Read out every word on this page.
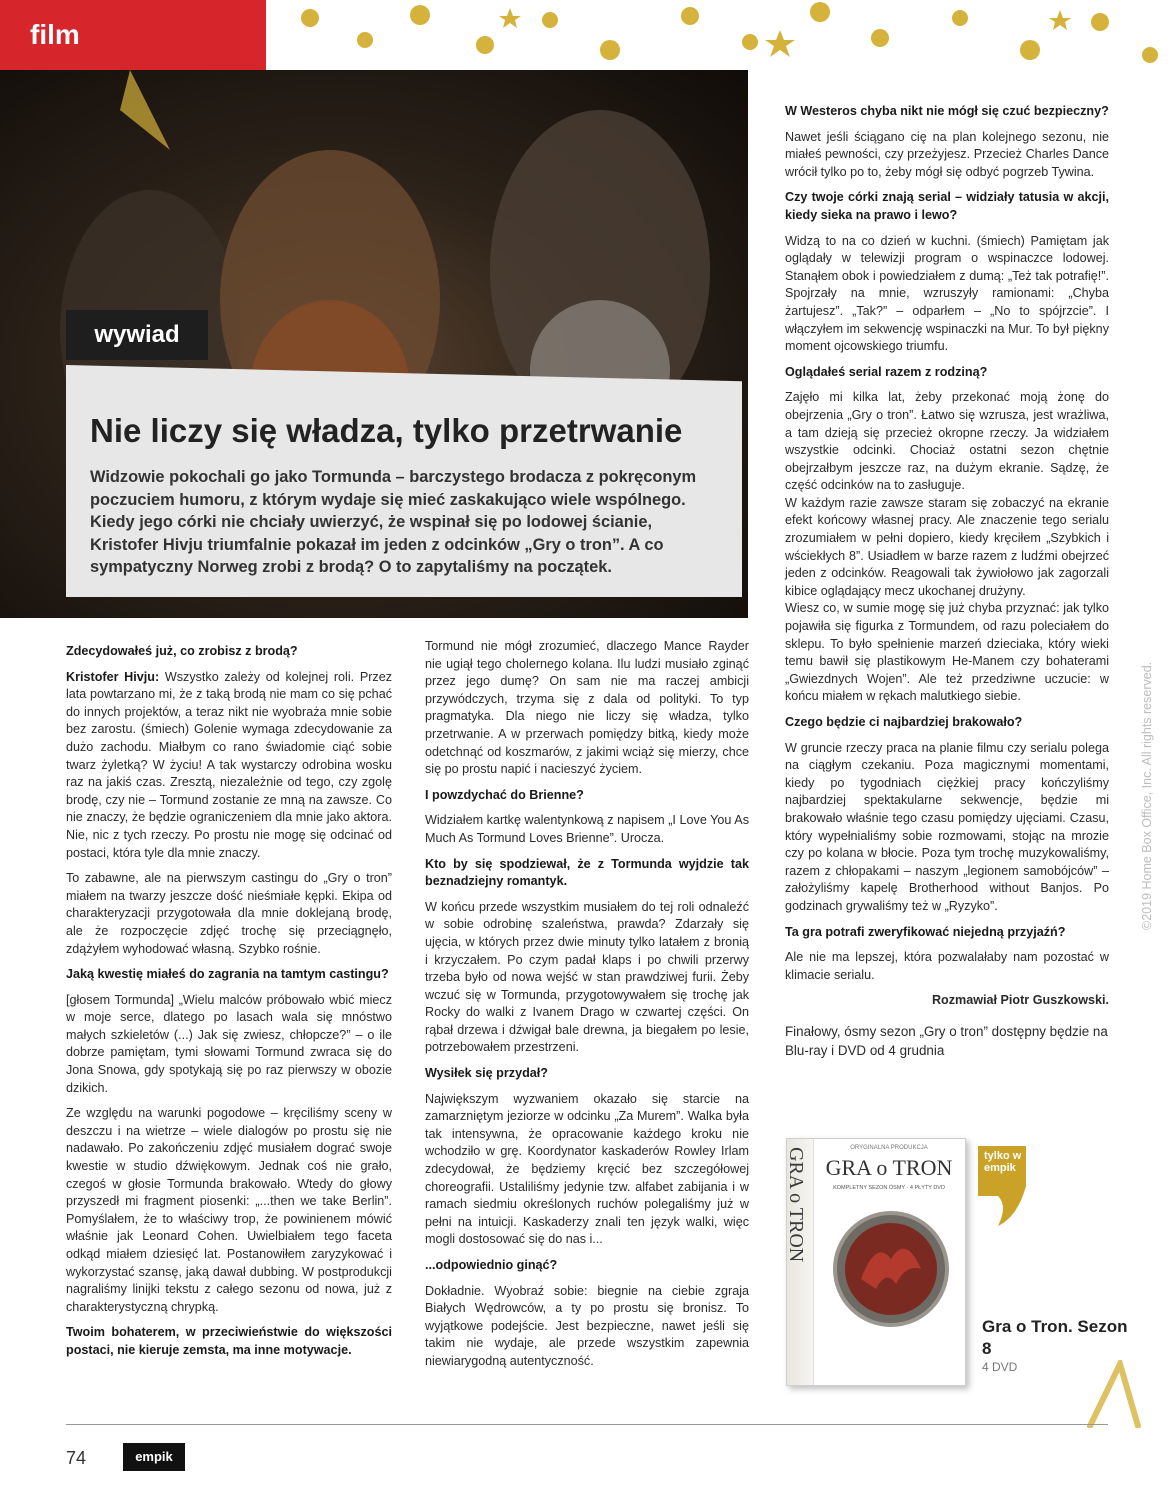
film
wywiad
Nie liczy się władza, tylko przetrwanie

Widzowie pokochali go jako Tormunda – barczystego brodacza z pokręconym poczuciem humoru, z którym wydaje się mieć zaskakująco wiele wspólnego. Kiedy jego córki nie chciały uwierzyć, że wspinał się po lodowej ścianie, Kristofer Hivju triumfalnie pokazał im jeden z odcinków „Gry o tron”. A co sympatyczny Norweg zrobi z brodą? O to zapytaliśmy na początek.

Zdecydowałeś już, co zrobisz z brodą?

Kristofer Hivju: Wszystko zależy od kolejnej roli. Przez lata powtarzano mi, że z taką brodą nie mam co się pchać do innych projektów, a teraz nikt nie wyobraża mnie sobie bez zarostu. (śmiech) Golenie wymaga zdecydowanie za dużo zachodu. Miałbym co rano świadomie ciąć sobie twarz żyletką? W życiu! A tak wystarczy odrobina wosku raz na jakiś czas. Zresztą, niezależnie od tego, czy zgolę brodę, czy nie – Tormund zostanie ze mną na zawsze. Co nie znaczy, że będzie ograniczeniem dla mnie jako aktora. Nie, nic z tych rzeczy. Po prostu nie mogę się odcinać od postaci, która tyle dla mnie znaczy.

To zabawne, ale na pierwszym castingu do „Gry o tron” miałem na twarzy jeszcze dość nieśmiałe kępki. Ekipa od charakteryzacji przygotowała dla mnie doklejaną brodę, ale że rozpoczęcie zdjęć trochę się przeciągnęło, zdążyłem wyhodować własną. Szybko rośnie.

Jaką kwestię miałeś do zagrania na tamtym castingu?

[głosem Tormunda] „Wielu malców próbowało wbić miecz w moje serce, dlatego po lasach wala się mnóstwo małych szkieletów (...) Jak się zwiesz, chłopcze?” – o ile dobrze pamiętam, tymi słowami Tormund zwraca się do Jona Snowa, gdy spotykają się po raz pierwszy w obozie dzikich.

Ze względu na warunki pogodowe – kręciliśmy sceny w deszczu i na wietrze – wiele dialogów po prostu się nie nadawało. Po zakończeniu zdjęć musiałem dograć swoje kwestie w studio dźwiękowym. Jednak coś nie grało, czegoś w głosie Tormunda brakowało. Wtedy do głowy przyszedł mi fragment piosenki: „...then we take Berlin”. Pomyślałem, że to właściwy trop, że powinienem mówić właśnie jak Leonard Cohen. Uwielbiałem tego faceta odkąd miałem dziesięć lat. Postanowiłem zaryzykować i wykorzystać szansę, jaką dawał dubbing. W postprodukcji nagraliśmy linijki tekstu z całego sezonu od nowa, już z charakterystyczną chrypką.

Twoim bohaterem, w przeciwieństwie do większości postaci, nie kieruje zemsta, ma inne motywacje.

Tormund nie mógł zrozumieć, dlaczego Mance Rayder nie ugiął tego cholernego kolana. Ilu ludzi musiało zginąć przez jego dumę? On sam nie ma raczej ambicji przywódczych, trzyma się z dala od polityki. To typ pragmatyka. Dla niego nie liczy się władza, tylko przetrwanie. A w przerwach pomiędzy bitką, kiedy może odetchnąć od koszmarów, z jakimi wciąż się mierzy, chce się po prostu napić i nacieszyć życiem.

I powzdychać do Brienne?

Widziałem kartkę walentynkową z napisem „I Love You As Much As Tormund Loves Brienne”. Urocza.

Kto by się spodziewał, że z Tormunda wyjdzie tak beznadziejny romantyk.

W końcu przede wszystkim musiałem do tej roli odnaleźć w sobie odrobinę szaleństwa, prawda? Zdarzały się ujęcia, w których przez dwie minuty tylko latałem z bronią i krzyczałem. Po czym padał klaps i po chwili przerwy trzeba było od nowa wejść w stan prawdziwej furii. Żeby wczuć się w Tormunda, przygotowywałem się trochę jak Rocky do walki z Ivanem Drago w czwartej części. On rąbał drzewa i dźwigał bale drewna, ja biegałem po lesie, potrzebowałem przestrzeni.

Wysiłek się przydał?

Największym wyzwaniem okazało się starcie na zamarzniętym jeziorze w odcinku „Za Murem”. Walka była tak intensywna, że opracowanie każdego kroku nie wchodziło w grę. Koordynator kaskaderów Rowley Irlam zdecydował, że będziemy kręcić bez szczegółowej choreografii. Ustaliliśmy jedynie tzw. alfabet zabijania i w ramach siedmiu określonych ruchów polegaliśmy już w pełni na intuicji. Kaskaderzy znali ten język walki, więc mogli dostosować się do nas i...

...odpowiednio ginąć?

Dokładnie. Wyobraź sobie: biegnie na ciebie zgraja Białych Wędrowców, a ty po prostu się bronisz. To wyjątkowe podejście. Jest bezpieczne, nawet jeśli się takim nie wydaje, ale przede wszystkim zapewnia niewiarygodną autentyczność.

W Westeros chyba nikt nie mógł się czuć bezpieczny?

Nawet jeśli ściągano cię na plan kolejnego sezonu, nie miałeś pewności, czy przeżyjesz. Przecież Charles Dance wrócił tylko po to, żeby mógł się odbyć pogrzeb Tywina.

Czy twoje córki znają serial – widziały tatusia w akcji, kiedy siekа na prawo i lewo?

Widzą to na co dzień w kuchni. (śmiech) Pamiętam jak oglądały w telewizji program o wspinaczce lodowej. Stanąłem obok i powiedziałem z dumą: „Też tak potrafię!”. Spojrzały na mnie, wzruszyły ramionami: „Chyba żartujesz”. „Tak?” – odparłem – „No to spójrzcie”. I włączyłem im sekwencję wspinaczki na Mur. To był piękny moment ojcowskiego triumfu.

Oglądałeś serial razem z rodziną?

Zajęło mi kilka lat, żeby przekonać moją żonę do obejrzenia „Gry o tron”. Łatwo się wzrusza, jest wrażliwa, a tam dzieją się przecież okropne rzeczy. Ja widziałem wszystkie odcinki. Chociaż ostatni sezon chętnie obejrzałbym jeszcze raz, na dużym ekranie. Sądzę, że część odcinków na to zasługuje.

W każdym razie zawsze staram się zobaczyć na ekranie efekt końcowy własnej pracy. Ale znaczenie tego serialu zrozumiałem w pełni dopiero, kiedy kręciłem „Szybkich i wściekłych 8”. Usiadłem w barze razem z ludźmi obejrzeć jeden z odcinków. Reagowali tak żywiołowo jak zagorzali kibice oglądający mecz ukochanej drużyny.

Wiesz co, w sumie mogę się już chyba przyznać: jak tylko pojawiła się figurka z Tormundem, od razu poleciałem do sklepu. To było spełnienie marzeń dzieciaka, który wieki temu bawił się plastikowym He-Manem czy bohaterami „Gwiezdnych Wojen”. Ale też przedziwne uczucie: w końcu miałem w rękach malutkiego siebie.

Czego będzie ci najbardziej brakowało?

W gruncie rzeczy praca na planie filmu czy serialu polega na ciągłym czekaniu. Poza magicznymi momentami, kiedy po tygodniach ciężkiej pracy kończyliśmy najbardziej spektakularne sekwencje, będzie mi brakowało właśnie tego czasu pomiędzy ujęciami. Czasu, który wypełnialiśmy sobie rozmowami, stojąc na mrozie czy po kolana w błocie. Poza tym trochę muzykowaliśmy, razem z chłopakami – naszym „legionem samobójców” – założyliśmy kapelę Brotherhood without Banjos. Po godzinach grywaliśmy też w „Ryzyko”.

Ta gra potrafi zweryfikować niejedną przyjaźń?

Ale nie ma lepszej, która pozwalałaby nam pozostać w klimacie serialu.

Rozmawiał Piotr Guszkowski.

Finałowy, ósmy sezon „Gry o tron” dostępny będzie na Blu-ray i DVD od 4 grudnia

GRA o TRON	ORYGINALNA PRODUKCJA
GRA o TRON
KOMPLETNY SEZON ÓSMY · 4 PŁYTY DVD
tylko w empik
Gra o Tron. Sezon 8
4 DVD
©2019 Home Box Office, Inc. All rights reserved.
74	empik
